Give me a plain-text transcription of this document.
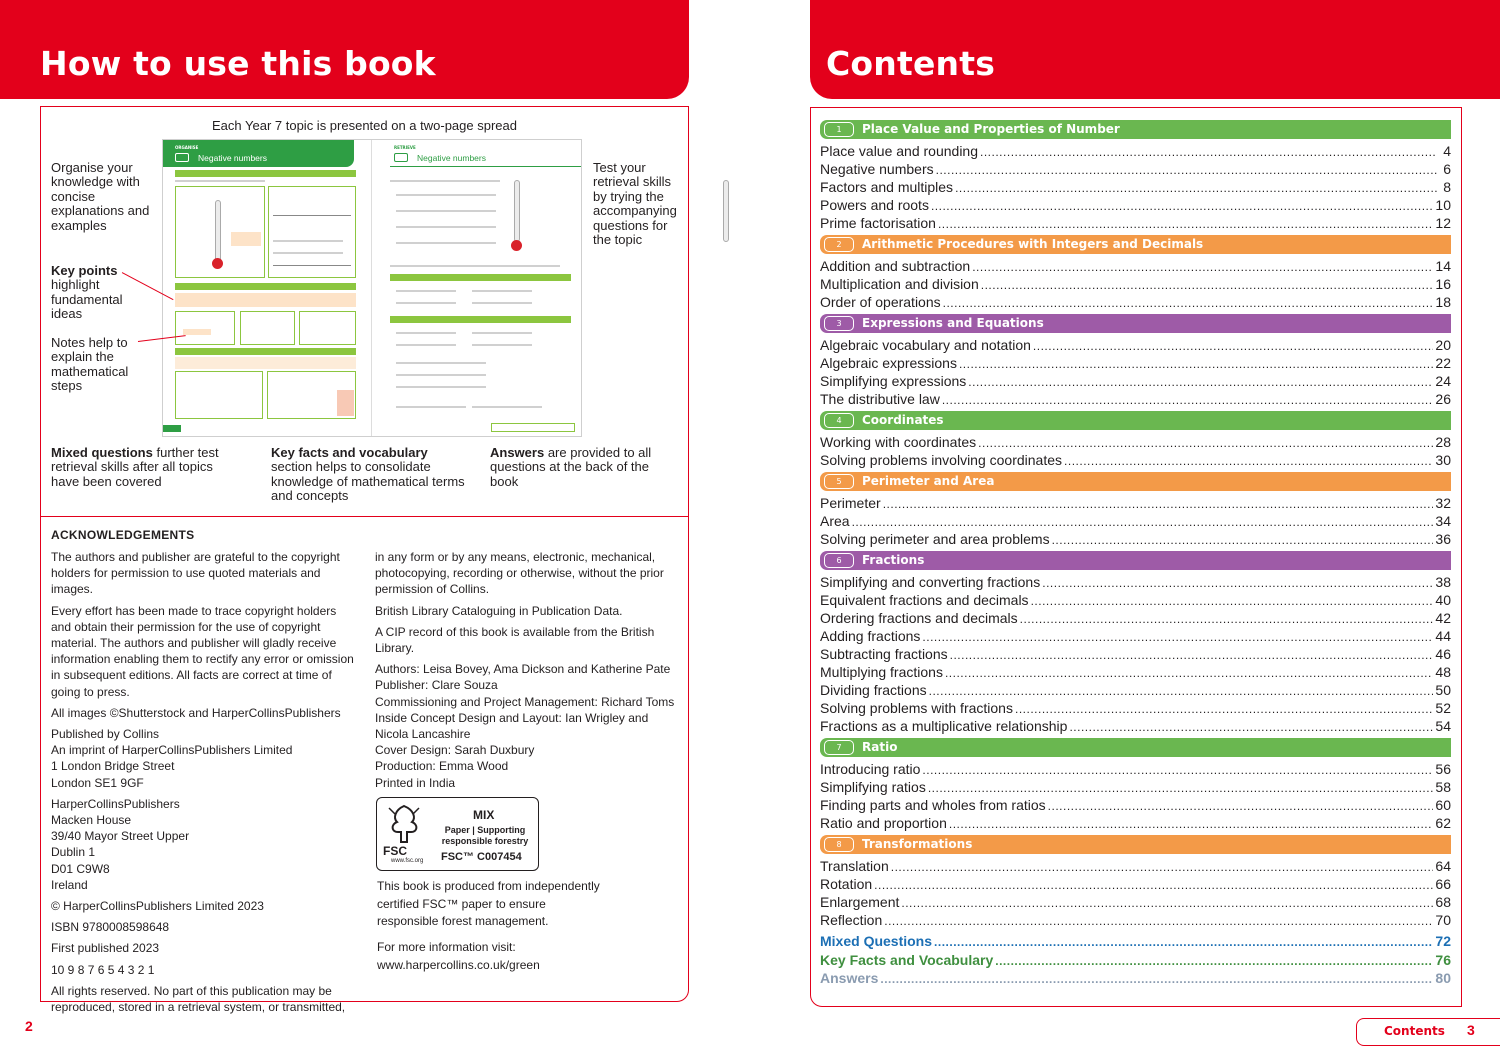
How to use this book
Each Year 7 topic is presented on a two-page spread
ORGANISE
Negative numbers
RETRIEVE
Negative numbers
Organise your knowledge with concise explanations and examples
Key points
highlight fundamental ideas
Notes help to explain the mathematical steps
Test your retrieval skills by trying the accompanying questions for the topic
Mixed questions further test retrieval skills after all topics have been covered
Key facts and vocabulary section helps to consolidate knowledge of mathematical terms and concepts
Answers are provided to all questions at the back of the book
ACKNOWLEDGEMENTS

The authors and publisher are grateful to the copyright holders for permission to use quoted materials and images.

Every effort has been made to trace copyright holders and obtain their permission for the use of copyright material. The authors and publisher will gladly receive information enabling them to rectify any error or omission in subsequent editions. All facts are correct at time of going to press.

All images ©Shutterstock and HarperCollinsPublishers

Published by Collins
An imprint of HarperCollinsPublishers Limited
1 London Bridge Street
London SE1 9GF

HarperCollinsPublishers
Macken House
39/40 Mayor Street Upper
Dublin 1
D01 C9W8
Ireland

© HarperCollinsPublishers Limited 2023

ISBN 9780008598648

First published 2023

10 9 8 7 6 5 4 3 2 1

All rights reserved. No part of this publication may be reproduced, stored in a retrieval system, or transmitted,

in any form or by any means, electronic, mechanical, photocopying, recording or otherwise, without the prior permission of Collins.

British Library Cataloguing in Publication Data.

A CIP record of this book is available from the British Library.

Authors: Leisa Bovey, Ama Dickson and Katherine Pate
Publisher: Clare Souza
Commissioning and Project Management: Richard Toms
Inside Concept Design and Layout: Ian Wrigley and Nicola Lancashire
Cover Design: Sarah Duxbury
Production: Emma Wood
Printed in India

FSC
www.fsc.org
MIX
Paper | Supporting responsible forestry
FSC™ C007454
This book is produced from independently certified FSC™ paper to ensure responsible forest management.
For more information visit:
www.harpercollins.co.uk/green
2
Contents
1	Place Value and Properties of Number
Place value and rounding .....	4
Negative numbers .....	6
Factors and multiples .....	8
Powers and roots .....	10
Prime factorisation .....	12
2	Arithmetic Procedures with Integers and Decimals
Addition and subtraction .....	14
Multiplication and division .....	16
Order of operations .....	18
3	Expressions and Equations
Algebraic vocabulary and notation .....	20
Algebraic expressions .....	22
Simplifying expressions .....	24
The distributive law .....	26
4	Coordinates
Working with coordinates .....	28
Solving problems involving coordinates .....	30
5	Perimeter and Area
Perimeter .....	32
Area .....	34
Solving perimeter and area problems .....	36
6	Fractions
Simplifying and converting fractions .....	38
Equivalent fractions and decimals .....	40
Ordering fractions and decimals .....	42
Adding fractions .....	44
Subtracting fractions .....	46
Multiplying fractions .....	48
Dividing fractions .....	50
Solving problems with fractions .....	52
Fractions as a multiplicative relationship .....	54
7	Ratio
Introducing ratio .....	56
Simplifying ratios .....	58
Finding parts and wholes from ratios .....	60
Ratio and proportion .....	62
8	Transformations
Translation .....	64
Rotation .....	66
Enlargement .....	68
Reflection .....	70
Mixed Questions .....	72
Key Facts and Vocabulary .....	76
Answers .....	80
Contents 3
